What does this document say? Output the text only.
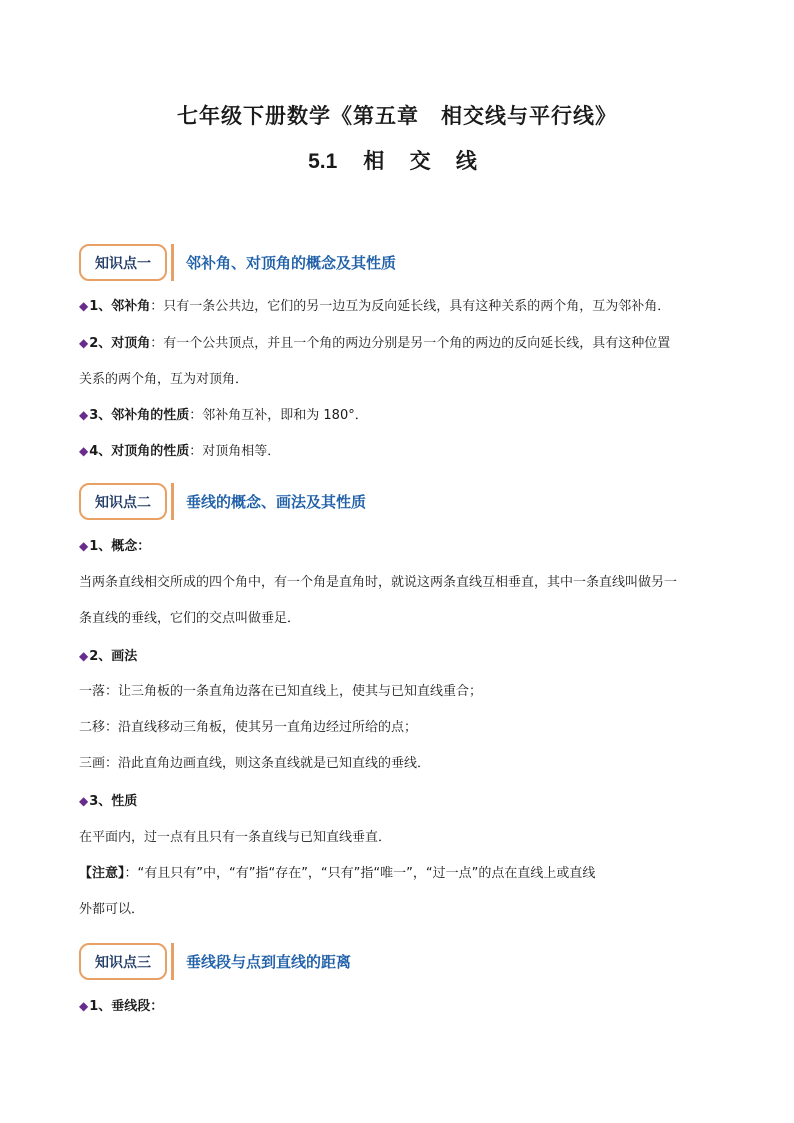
七年级下册数学《第五章　相交线与平行线》
5.1 相 交 线
知识点一	邻补角、对顶角的概念及其性质
◆1、邻补角：只有一条公共边，它们的另一边互为反向延长线，具有这种关系的两个角，互为邻补角．
◆2、对顶角：有一个公共顶点，并且一个角的两边分别是另一个角的两边的反向延长线，具有这种位置
关系的两个角，互为对顶角．
◆3、邻补角的性质：邻补角互补，即和为 180°．
◆4、对顶角的性质：对顶角相等．
知识点二	垂线的概念、画法及其性质
◆1、概念：
当两条直线相交所成的四个角中，有一个角是直角时，就说这两条直线互相垂直，其中一条直线叫做另一
条直线的垂线，它们的交点叫做垂足．
◆2、画法
一落：让三角板的一条直角边落在已知直线上，使其与已知直线重合；
二移：沿直线移动三角板，使其另一直角边经过所给的点；
三画：沿此直角边画直线，则这条直线就是已知直线的垂线．
◆3、性质
在平面内，过一点有且只有一条直线与已知直线垂直．
【注意】：“有且只有”中，“有”指“存在”，“只有”指“唯一”，“过一点”的点在直线上或直线
外都可以．
知识点三	垂线段与点到直线的距离
◆1、垂线段：
